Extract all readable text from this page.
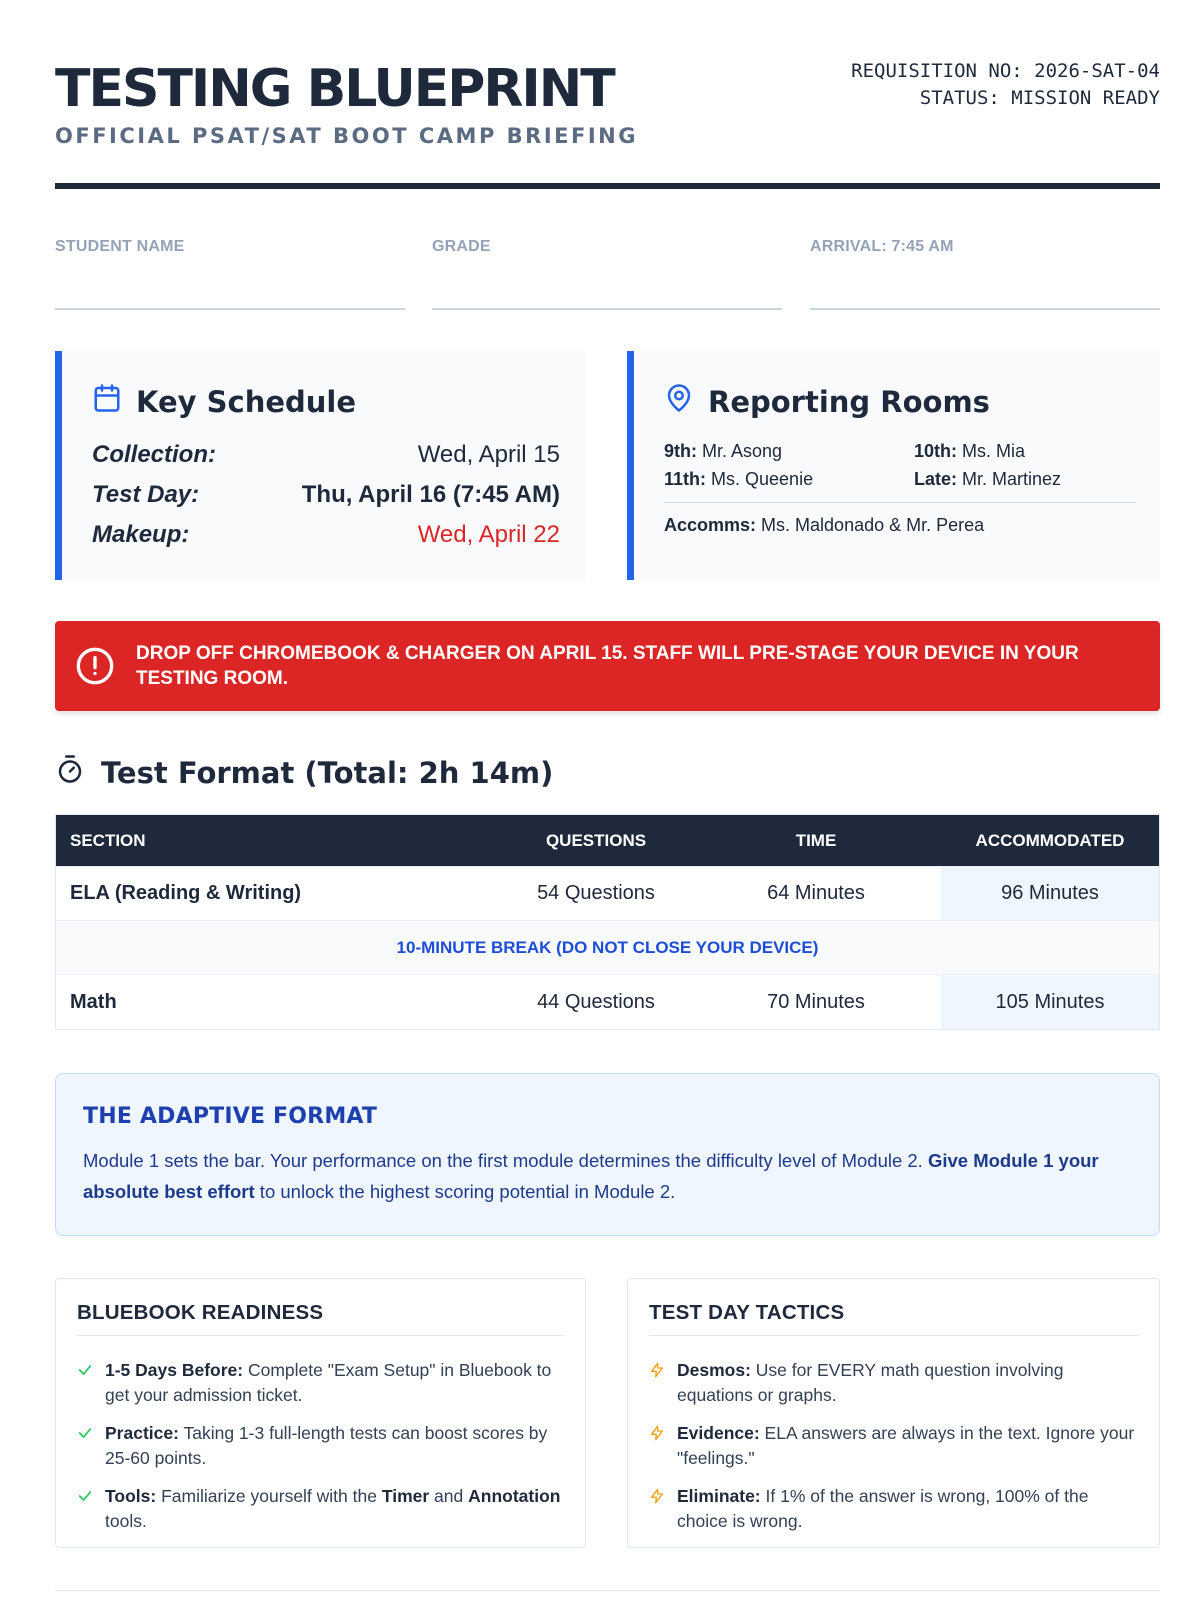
TESTING BLUEPRINT
OFFICIAL PSAT/SAT BOOT CAMP BRIEFING
REQUISITION NO: 2026-SAT-04
STATUS: MISSION READY
STUDENT NAME	GRADE	ARRIVAL: 7:45 AM
Key Schedule
Collection:	Wed, April 15
Test Day:	Thu, April 16 (7:45 AM)
Makeup:	Wed, April 22
Reporting Rooms
9th: Mr. Asong	10th: Ms. Mia
11th: Ms. Queenie	Late: Mr. Martinez
Accomms: Ms. Maldonado & Mr. Perea
DROP OFF CHROMEBOOK & CHARGER ON APRIL 15. STAFF WILL PRE-STAGE YOUR DEVICE IN YOUR TESTING ROOM.
Test Format (Total: 2h 14m)
SECTION	QUESTIONS	TIME	ACCOMMODATED
ELA (Reading & Writing)	54 Questions	64 Minutes	96 Minutes
10-MINUTE BREAK (DO NOT CLOSE YOUR DEVICE)
Math	44 Questions	70 Minutes	105 Minutes
THE ADAPTIVE FORMAT
Module 1 sets the bar. Your performance on the first module determines the difficulty level of Module 2. Give Module 1 your absolute best effort to unlock the highest scoring potential in Module 2.
BLUEBOOK READINESS
1-5 Days Before: Complete "Exam Setup" in Bluebook to get your admission ticket.
Practice: Taking 1-3 full-length tests can boost scores by 25-60 points.
Tools: Familiarize yourself with the Timer and Annotation tools.
TEST DAY TACTICS
Desmos: Use for EVERY math question involving equations or graphs.
Evidence: ELA answers are always in the text. Ignore your "feelings."
Eliminate: If 1% of the answer is wrong, 100% of the choice is wrong.
